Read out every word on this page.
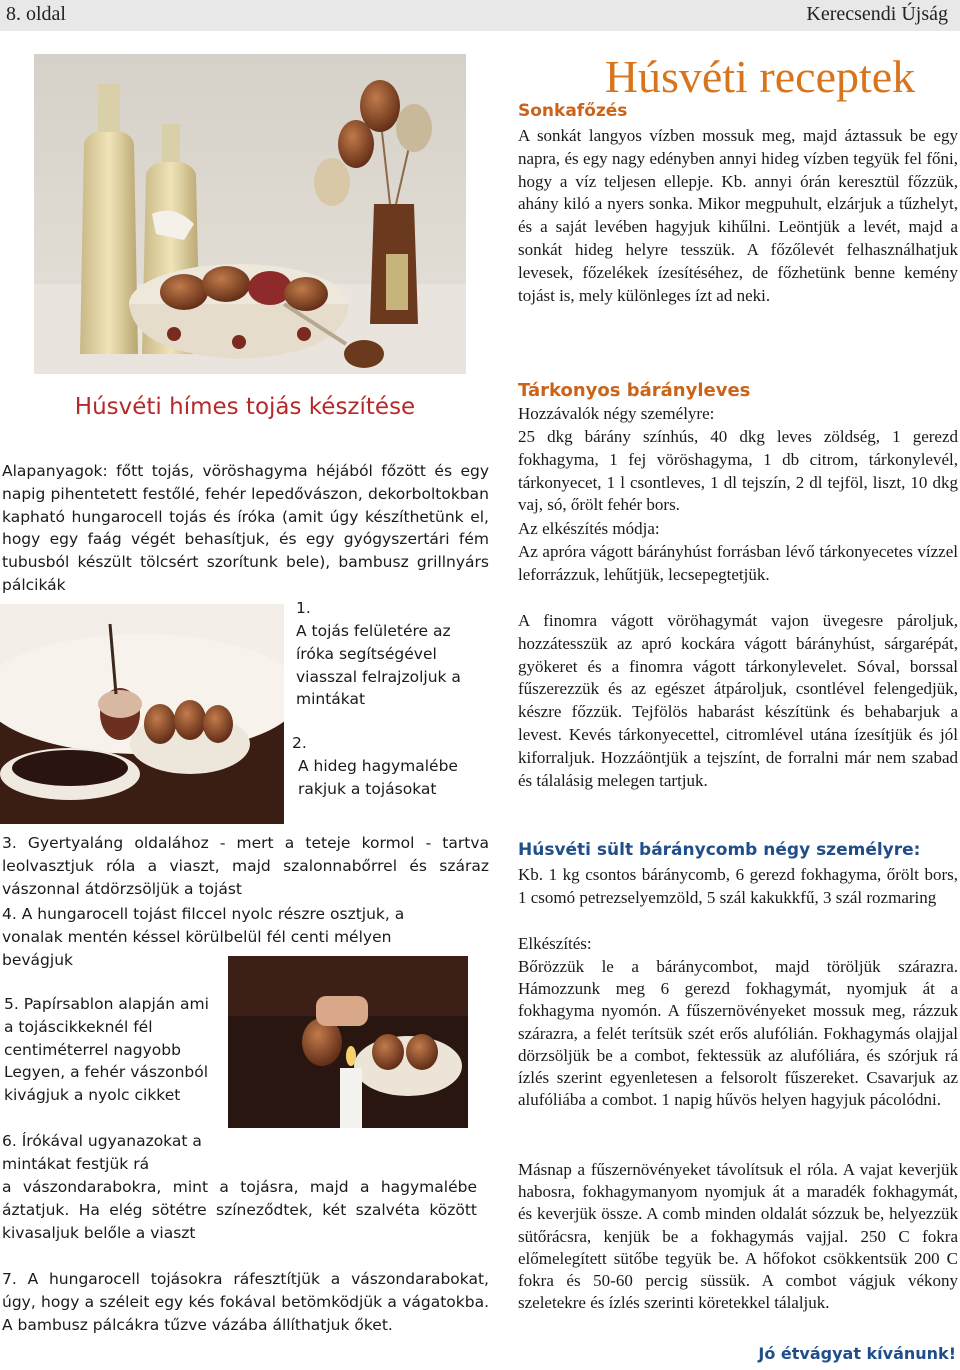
8. oldal	Kerecsendi Újság
Húsvéti receptek
Sonkafőzés
A sonkát langyos vízben mossuk meg, majd áztassuk be egy napra, és egy nagy edényben annyi hideg vízben tegyük fel főni, hogy a víz teljesen ellepje. Kb. annyi órán keresztül főzzük, ahány kiló a nyers sonka. Mikor megpuhult, elzárjuk a tűzhelyt, és a saját levében hagyjuk kihűlni. Leöntjük a levét, majd a sonkát hideg helyre tesszük. A főzőlevét felhasználhatjuk levesek, főzelékek ízesítéséhez, de főzhetünk benne kemény tojást is, mely különleges ízt ad neki.
Tárkonyos bárányleves
Hozzávalók négy személyre:
25 dkg bárány színhús, 40 dkg leves zöldség, 1 gerezd fokhagyma, 1 fej vöröshagyma, 1 db citrom, tárkonylevél, tárkonyecet, 1 l csontleves, 1 dl tejszín, 2 dl tejföl, liszt, 10 dkg vaj, só, őrölt fehér bors.
Az elkészítés módja:
Az apróra vágott bárányhúst forrásban lévő tárkonyecetes vízzel leforrázzuk, lehűtjük, lecsepegtetjük.
A finomra vágott vöröhagymát vajon üvegesre pároljuk, hozzátesszük az apró kockára vágott bárányhúst, sárgarépát, gyökeret és a finomra vágott tárkonylevelet. Sóval, borssal fűszerezzük és az egészet átpároljuk, csontlével felengedjük, készre főzzük. Tejfölös habarást készítünk és behabarjuk a levest. Kevés tárkonyecettel, citromlével utána ízesítjük és jól kiforraljuk. Hozzáöntjük a tejszínt, de forralni már nem szabad és tálalásig melegen tartjuk.
Húsvéti sült báránycomb négy személyre:
Kb. 1 kg csontos báránycomb, 6 gerezd fokhagyma, őrölt bors, 1 csomó petrezselyemzöld, 5 szál kakukkfű, 3 szál rozmaring
Elkészítés:
Bőrözzük le a báránycombot, majd töröljük szárazra. Hámozzunk meg 6 gerezd fokhagymát, nyomjuk át a fokhagyma nyomón. A fűszernövényeket mossuk meg, rázzuk szárazra, a felét terítsük szét erős alufólián. Fokhagymás olajjal dörzsöljük be a combot, fektessük az alufóliára, és szórjuk rá ízlés szerint egyenletesen a felsorolt fűszereket. Csavarjuk az alufóliába a combot. 1 napig hűvös helyen hagyjuk pácolódni.
Másnap a fűszernövényeket távolítsuk el róla. A vajat keverjük habosra, fokhagymanyom nyomjuk át a maradék fokhagymát, és keverjük össze. A comb minden oldalát sózzuk be, helyezzük sütőrácsra, kenjük be a fokhagymás vajjal. 250 C fokra előmelegített sütőbe tegyük be. A hőfokot csökkentsük 200 C fokra és 50-60 percig süssük. A combot vágjuk vékony szeletekre és ízlés szerinti köretekkel tálaljuk.
Jó étvágyat kívánunk!
Húsvéti hímes tojás készítése
Alapanyagok: főtt tojás, vöröshagyma héjából főzött és egy napig pihentetett festőlé, fehér lepedővászon, dekorboltokban kapható hungarocell tojás és íróka (amit úgy készíthetünk el, hogy egy faág végét behasítjuk, és egy gyógyszertári fém tubusból készült tölcsért szorítunk bele), bambusz grillnyárs pálcikák
1.
A tojás felületére az íróka segítségével viasszal felrajzoljuk a mintákat
2.
A hideg hagymalébe rakjuk a tojásokat
3. Gyertyaláng oldalához - mert a teteje kormol - tartva leolvasztjuk róla a viaszt, majd szalonnabőrrel és száraz vászonnal átdörzsöljük a tojást
4. A hungarocell tojást filccel nyolc részre osztjuk, a vonalak mentén késsel körülbelül fél centi mélyen bevágjuk
5. Papírsablon alapján ami a tojáscikkeknél fél centiméterrel nagyobb Legyen, a fehér vászonból kivágjuk a nyolc cikket
6. Írókával ugyanazokat a mintákat festjük rá
a vászondarabokra, mint a tojásra, majd a hagymalébe áztatjuk. Ha elég sötétre színeződtek, két szalvéta között kivasaljuk belőle a viaszt
7. A hungarocell tojásokra ráfesztítjük a vászondarabokat, úgy, hogy a széleit egy kés fokával betömködjük a vágatokba. A bambusz pálcákra tűzve vázába állíthatjuk őket.
